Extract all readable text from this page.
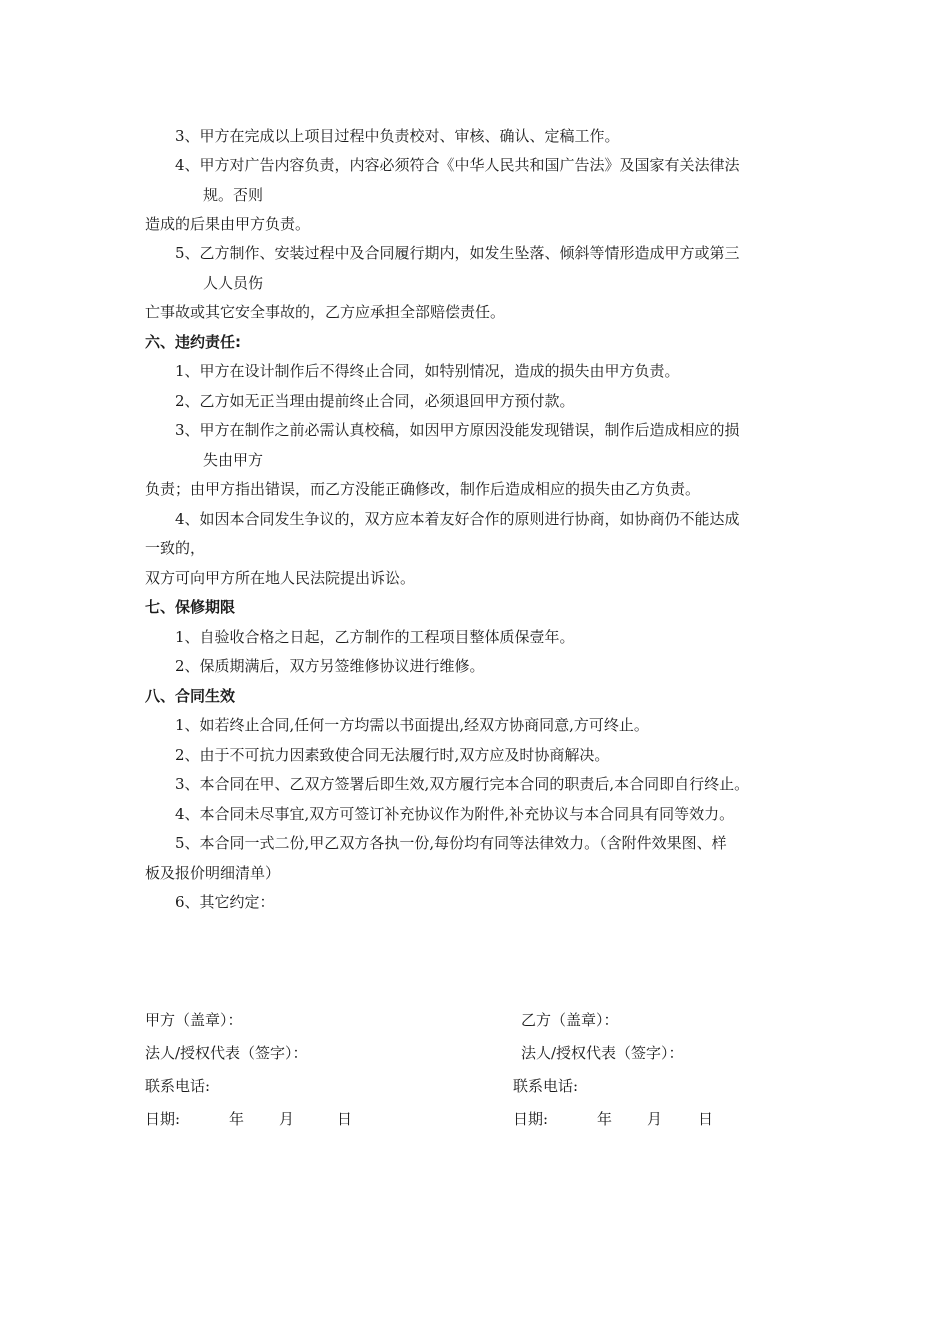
3、甲方在完成以上项目过程中负责校对、审核、确认、定稿工作。
4、甲方对广告内容负责，内容必须符合《中华人民共和国广告法》及国家有关法律法
规。否则
造成的后果由甲方负责。
5、乙方制作、安装过程中及合同履行期内，如发生坠落、倾斜等情形造成甲方或第三
人人员伤
亡事故或其它安全事故的，乙方应承担全部赔偿责任。
六、违约责任:
1、甲方在设计制作后不得终止合同，如特别情况，造成的损失由甲方负责。
2、乙方如无正当理由提前终止合同，必须退回甲方预付款。
3、甲方在制作之前必需认真校稿，如因甲方原因没能发现错误，制作后造成相应的损
失由甲方
负责；由甲方指出错误，而乙方没能正确修改，制作后造成相应的损失由乙方负责。
4、如因本合同发生争议的，双方应本着友好合作的原则进行协商，如协商仍不能达成
一致的，
双方可向甲方所在地人民法院提出诉讼。
七、保修期限
1、自验收合格之日起，乙方制作的工程项目整体质保壹年。
2、保质期满后，双方另签维修协议进行维修。
八、合同生效
1、如若终止合同,任何一方均需以书面提出,经双方协商同意,方可终止。
2、由于不可抗力因素致使合同无法履行时,双方应及时协商解决。
3、本合同在甲、乙双方签署后即生效,双方履行完本合同的职责后,本合同即自行终止。
4、本合同未尽事宜,双方可签订补充协议作为附件,补充协议与本合同具有同等效力。
5、本合同一式二份,甲乙双方各执一份,每份均有同等法律效力。（含附件效果图、样
板及报价明细清单）
6、其它约定：
甲方（盖章）：	乙方（盖章）：
法人/授权代表（签字）：	法人/授权代表（签字）：
联系电话:	联系电话:
日期:	年 月	日	日期:	年 月 日
